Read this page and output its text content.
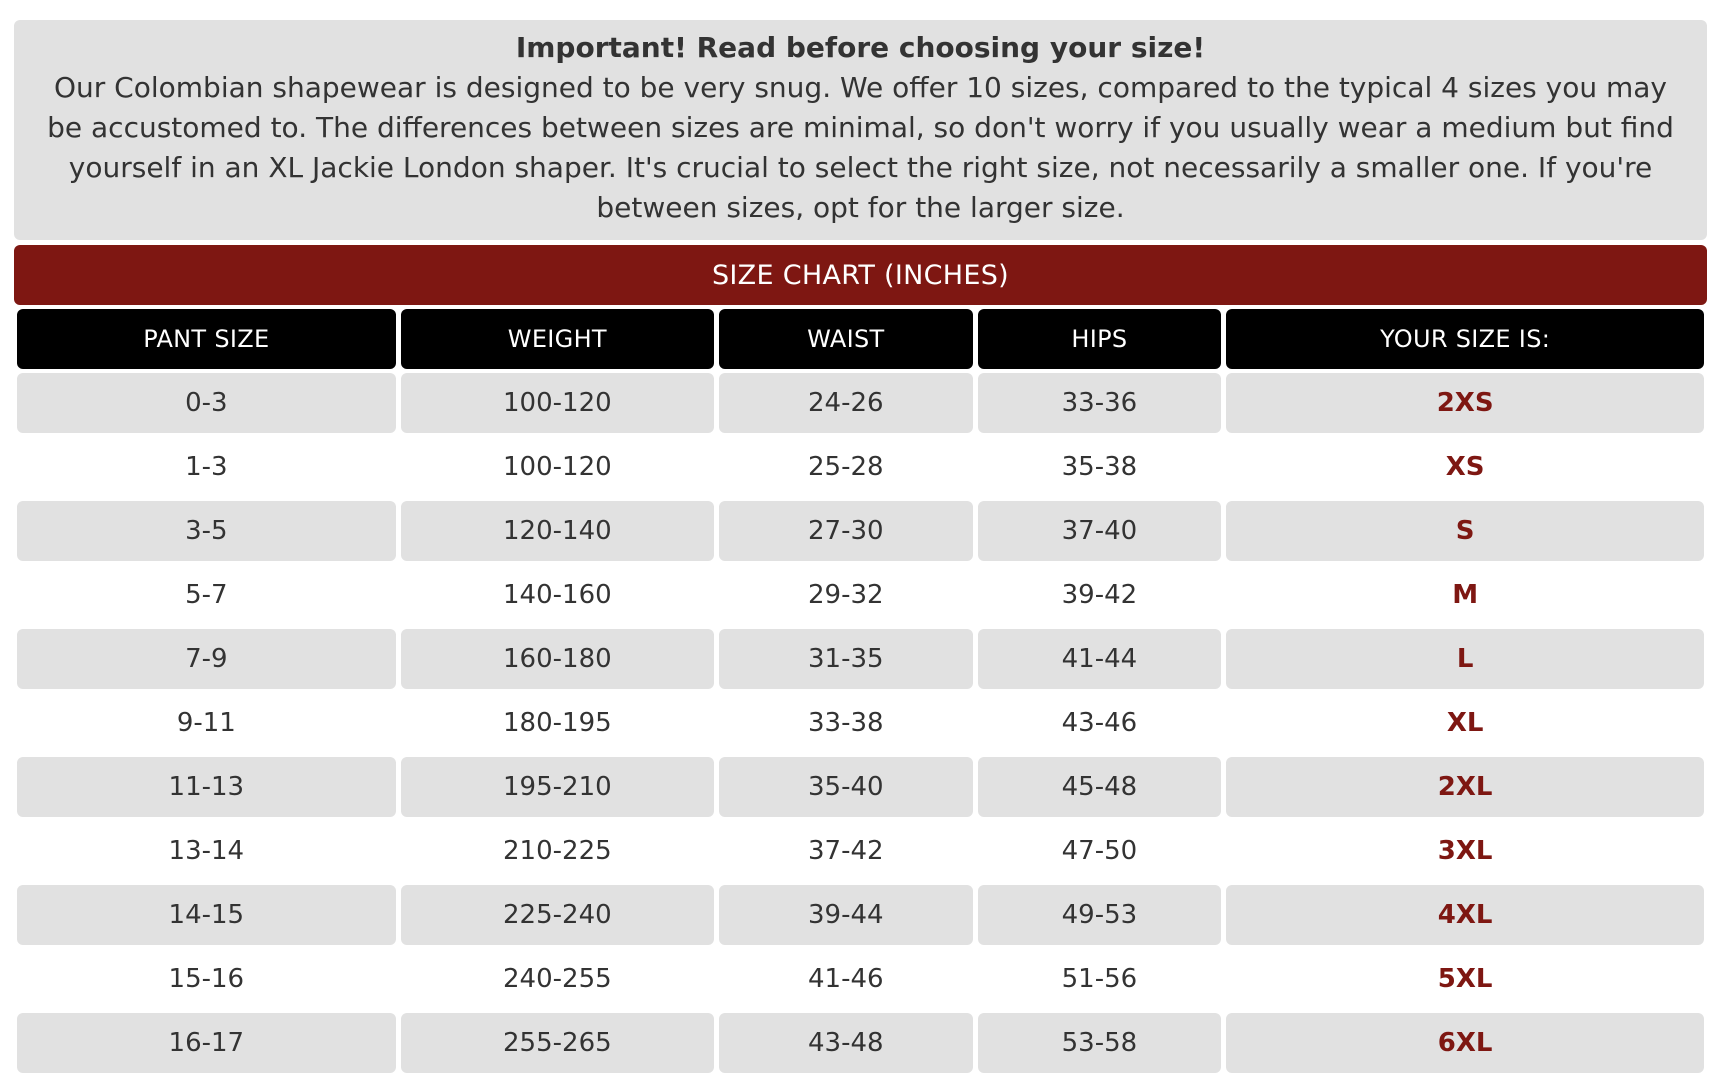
Important! Read before choosing your size!
Our Colombian shapewear is designed to be very snug. We offer 10 sizes, compared to the typical 4 sizes you may be accustomed to. The differences between sizes are minimal, so don't worry if you usually wear a medium but find yourself in an XL Jackie London shaper. It's crucial to select the right size, not necessarily a smaller one. If you're between sizes, opt for the larger size.
SIZE CHART (INCHES)
PANT SIZE	WEIGHT	WAIST	HIPS	YOUR SIZE IS:
0-3	100-120	24-26	33-36	2XS
1-3	100-120	25-28	35-38	XS
3-5	120-140	27-30	37-40	S
5-7	140-160	29-32	39-42	M
7-9	160-180	31-35	41-44	L
9-11	180-195	33-38	43-46	XL
11-13	195-210	35-40	45-48	2XL
13-14	210-225	37-42	47-50	3XL
14-15	225-240	39-44	49-53	4XL
15-16	240-255	41-46	51-56	5XL
16-17	255-265	43-48	53-58	6XL
